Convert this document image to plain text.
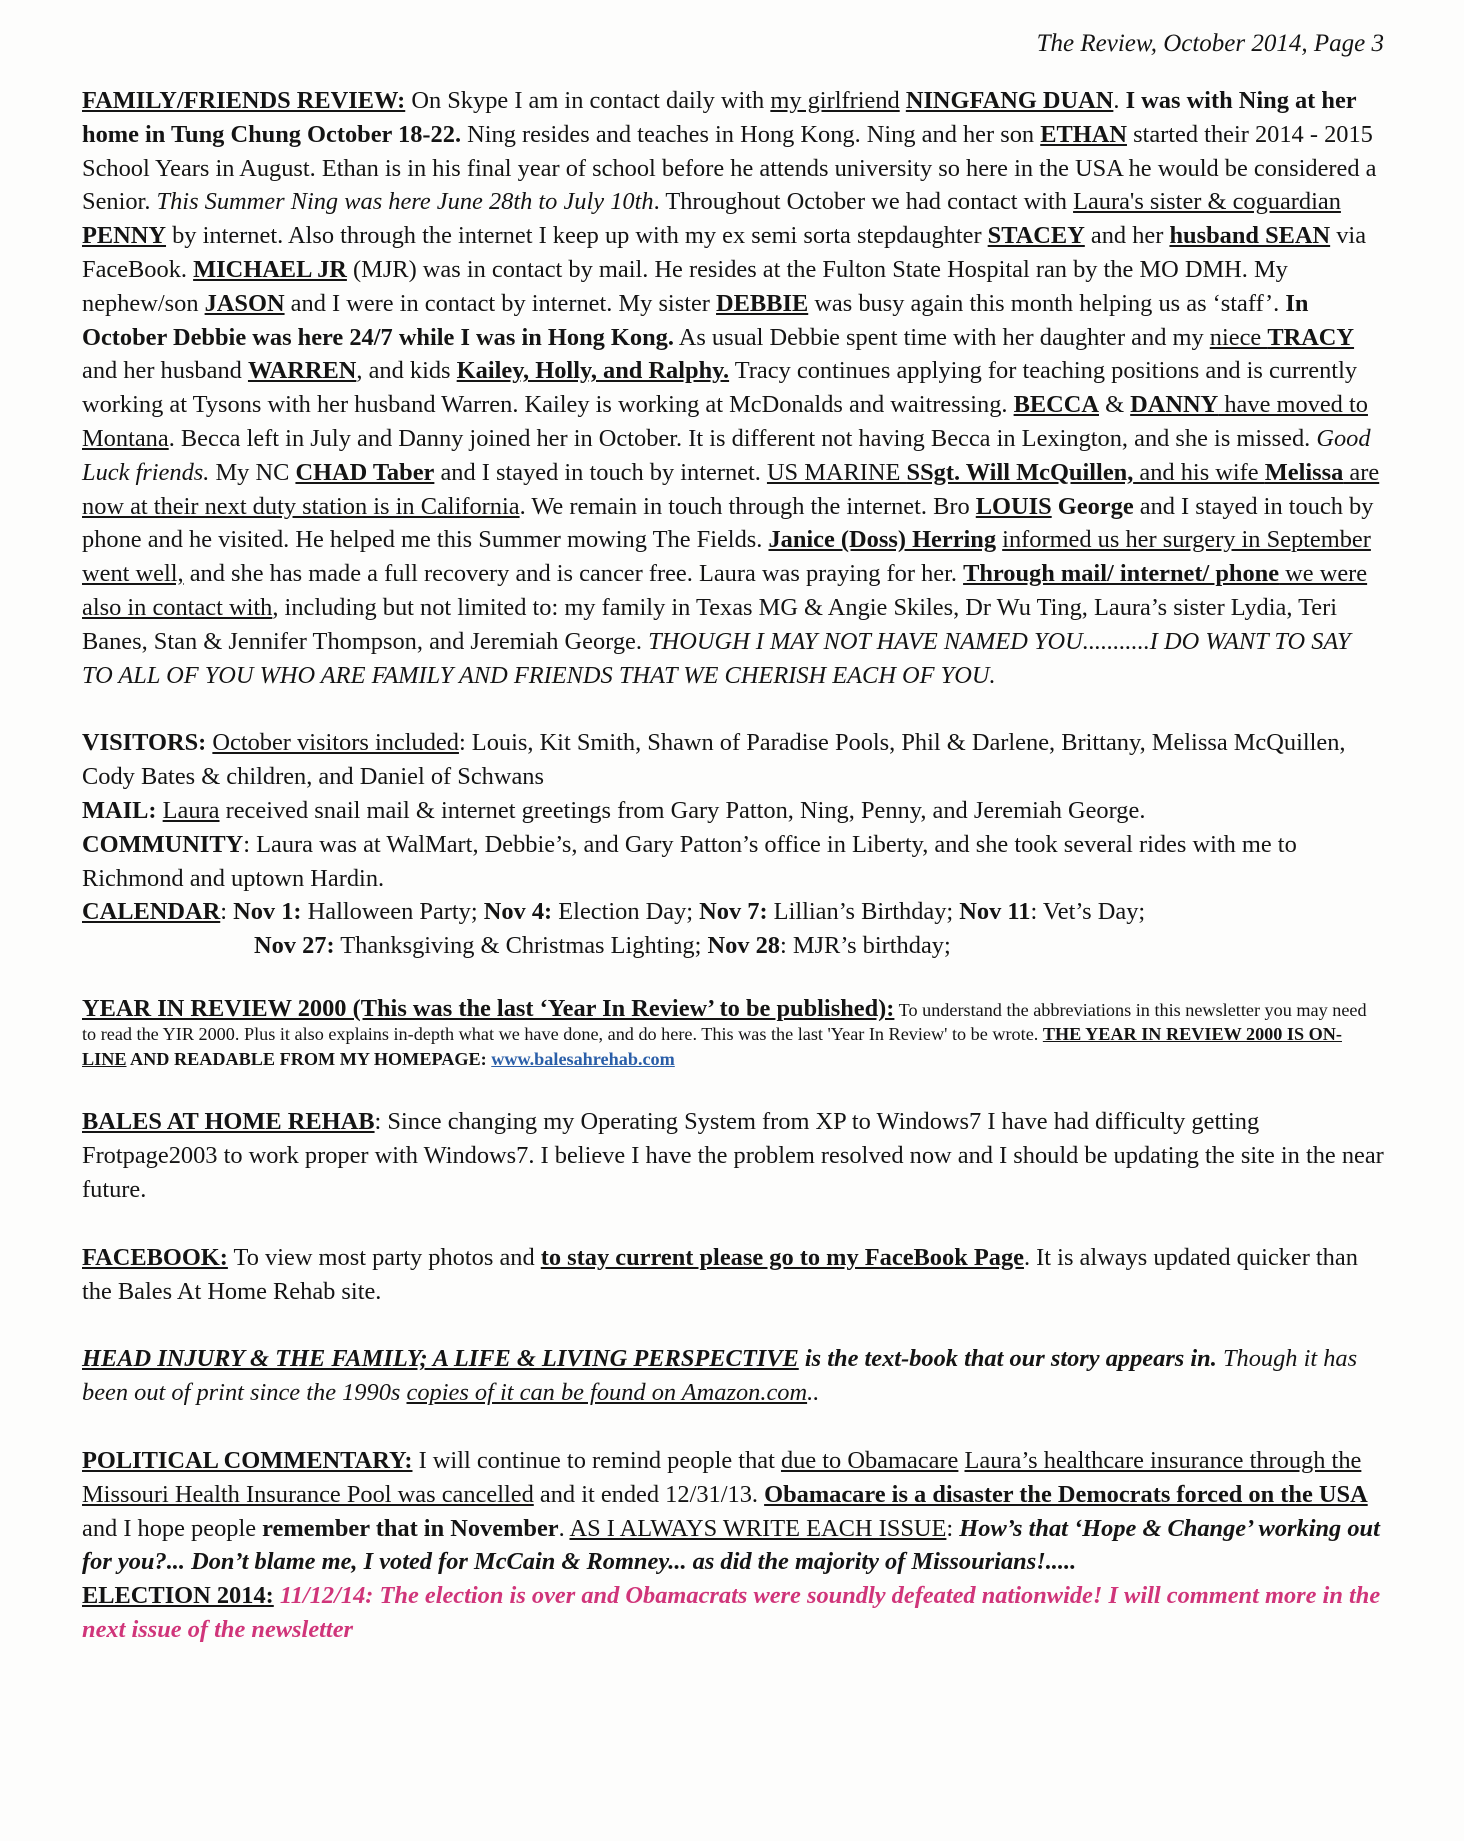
The Review, October 2014, Page 3

FAMILY/FRIENDS REVIEW: On Skype I am in contact daily with my girlfriend NINGFANG DUAN. I was with Ning at her home in Tung Chung October 18-22. Ning resides and teaches in Hong Kong. Ning and her son ETHAN started their 2014 - 2015 School Years in August. Ethan is in his final year of school before he attends university so here in the USA he would be considered a Senior. This Summer Ning was here June 28th to July 10th. Throughout October we had contact with Laura's sister & coguardian PENNY by internet. Also through the internet I keep up with my ex semi sorta stepdaughter STACEY and her husband SEAN via FaceBook. MICHAEL JR (MJR) was in contact by mail. He resides at the Fulton State Hospital ran by the MO DMH. My nephew/son JASON and I were in contact by internet. My sister DEBBIE was busy again this month helping us as ‘staff’. In October Debbie was here 24/7 while I was in Hong Kong. As usual Debbie spent time with her daughter and my niece TRACY and her husband WARREN, and kids Kailey, Holly, and Ralphy. Tracy continues applying for teaching positions and is currently working at Tysons with her husband Warren. Kailey is working at McDonalds and waitressing. BECCA & DANNY have moved to Montana. Becca left in July and Danny joined her in October. It is different not having Becca in Lexington, and she is missed. Good Luck friends. My NC CHAD Taber and I stayed in touch by internet. US MARINE SSgt. Will McQuillen, and his wife Melissa are now at their next duty station is in California. We remain in touch through the internet. Bro LOUIS George and I stayed in touch by phone and he visited. He helped me this Summer mowing The Fields. Janice (Doss) Herring informed us her surgery in September went well, and she has made a full recovery and is cancer free. Laura was praying for her. Through mail/ internet/ phone we were also in contact with, including but not limited to: my family in Texas MG & Angie Skiles, Dr Wu Ting, Laura’s sister Lydia, Teri Banes, Stan & Jennifer Thompson, and Jeremiah George. THOUGH I MAY NOT HAVE NAMED YOU...........I DO WANT TO SAY TO ALL OF YOU WHO ARE FAMILY AND FRIENDS THAT WE CHERISH EACH OF YOU.

VISITORS: October visitors included: Louis, Kit Smith, Shawn of Paradise Pools, Phil & Darlene, Brittany, Melissa McQuillen, Cody Bates & children, and Daniel of Schwans

MAIL: Laura received snail mail & internet greetings from Gary Patton, Ning, Penny, and Jeremiah George.

COMMUNITY: Laura was at WalMart, Debbie’s, and Gary Patton’s office in Liberty, and she took several rides with me to Richmond and uptown Hardin.

CALENDAR: Nov 1: Halloween Party; Nov 4: Election Day; Nov 7: Lillian’s Birthday; Nov 11: Vet’s Day;

Nov 27: Thanksgiving & Christmas Lighting; Nov 28: MJR’s birthday;

YEAR IN REVIEW 2000 (This was the last ‘Year In Review’ to be published): To understand the abbreviations in this newsletter you may need to read the YIR 2000. Plus it also explains in-depth what we have done, and do here. This was the last 'Year In Review' to be wrote. THE YEAR IN REVIEW 2000 IS ON-LINE AND READABLE FROM MY HOMEPAGE: www.balesahrehab.com

BALES AT HOME REHAB: Since changing my Operating System from XP to Windows7 I have had difficulty getting Frotpage2003 to work proper with Windows7. I believe I have the problem resolved now and I should be updating the site in the near future.

FACEBOOK: To view most party photos and to stay current please go to my FaceBook Page. It is always updated quicker than the Bales At Home Rehab site.

HEAD INJURY & THE FAMILY; A LIFE & LIVING PERSPECTIVE is the text-book that our story appears in. Though it has been out of print since the 1990s copies of it can be found on Amazon.com..

POLITICAL COMMENTARY: I will continue to remind people that due to Obamacare Laura’s healthcare insurance through the Missouri Health Insurance Pool was cancelled and it ended 12/31/13. Obamacare is a disaster the Democrats forced on the USA and I hope people remember that in November. AS I ALWAYS WRITE EACH ISSUE: How’s that ‘Hope & Change’ working out for you?... Don’t blame me, I voted for McCain & Romney... as did the majority of Missourians!.....

ELECTION 2014: 11/12/14: The election is over and Obamacrats were soundly defeated nationwide! I will comment more in the next issue of the newsletter
